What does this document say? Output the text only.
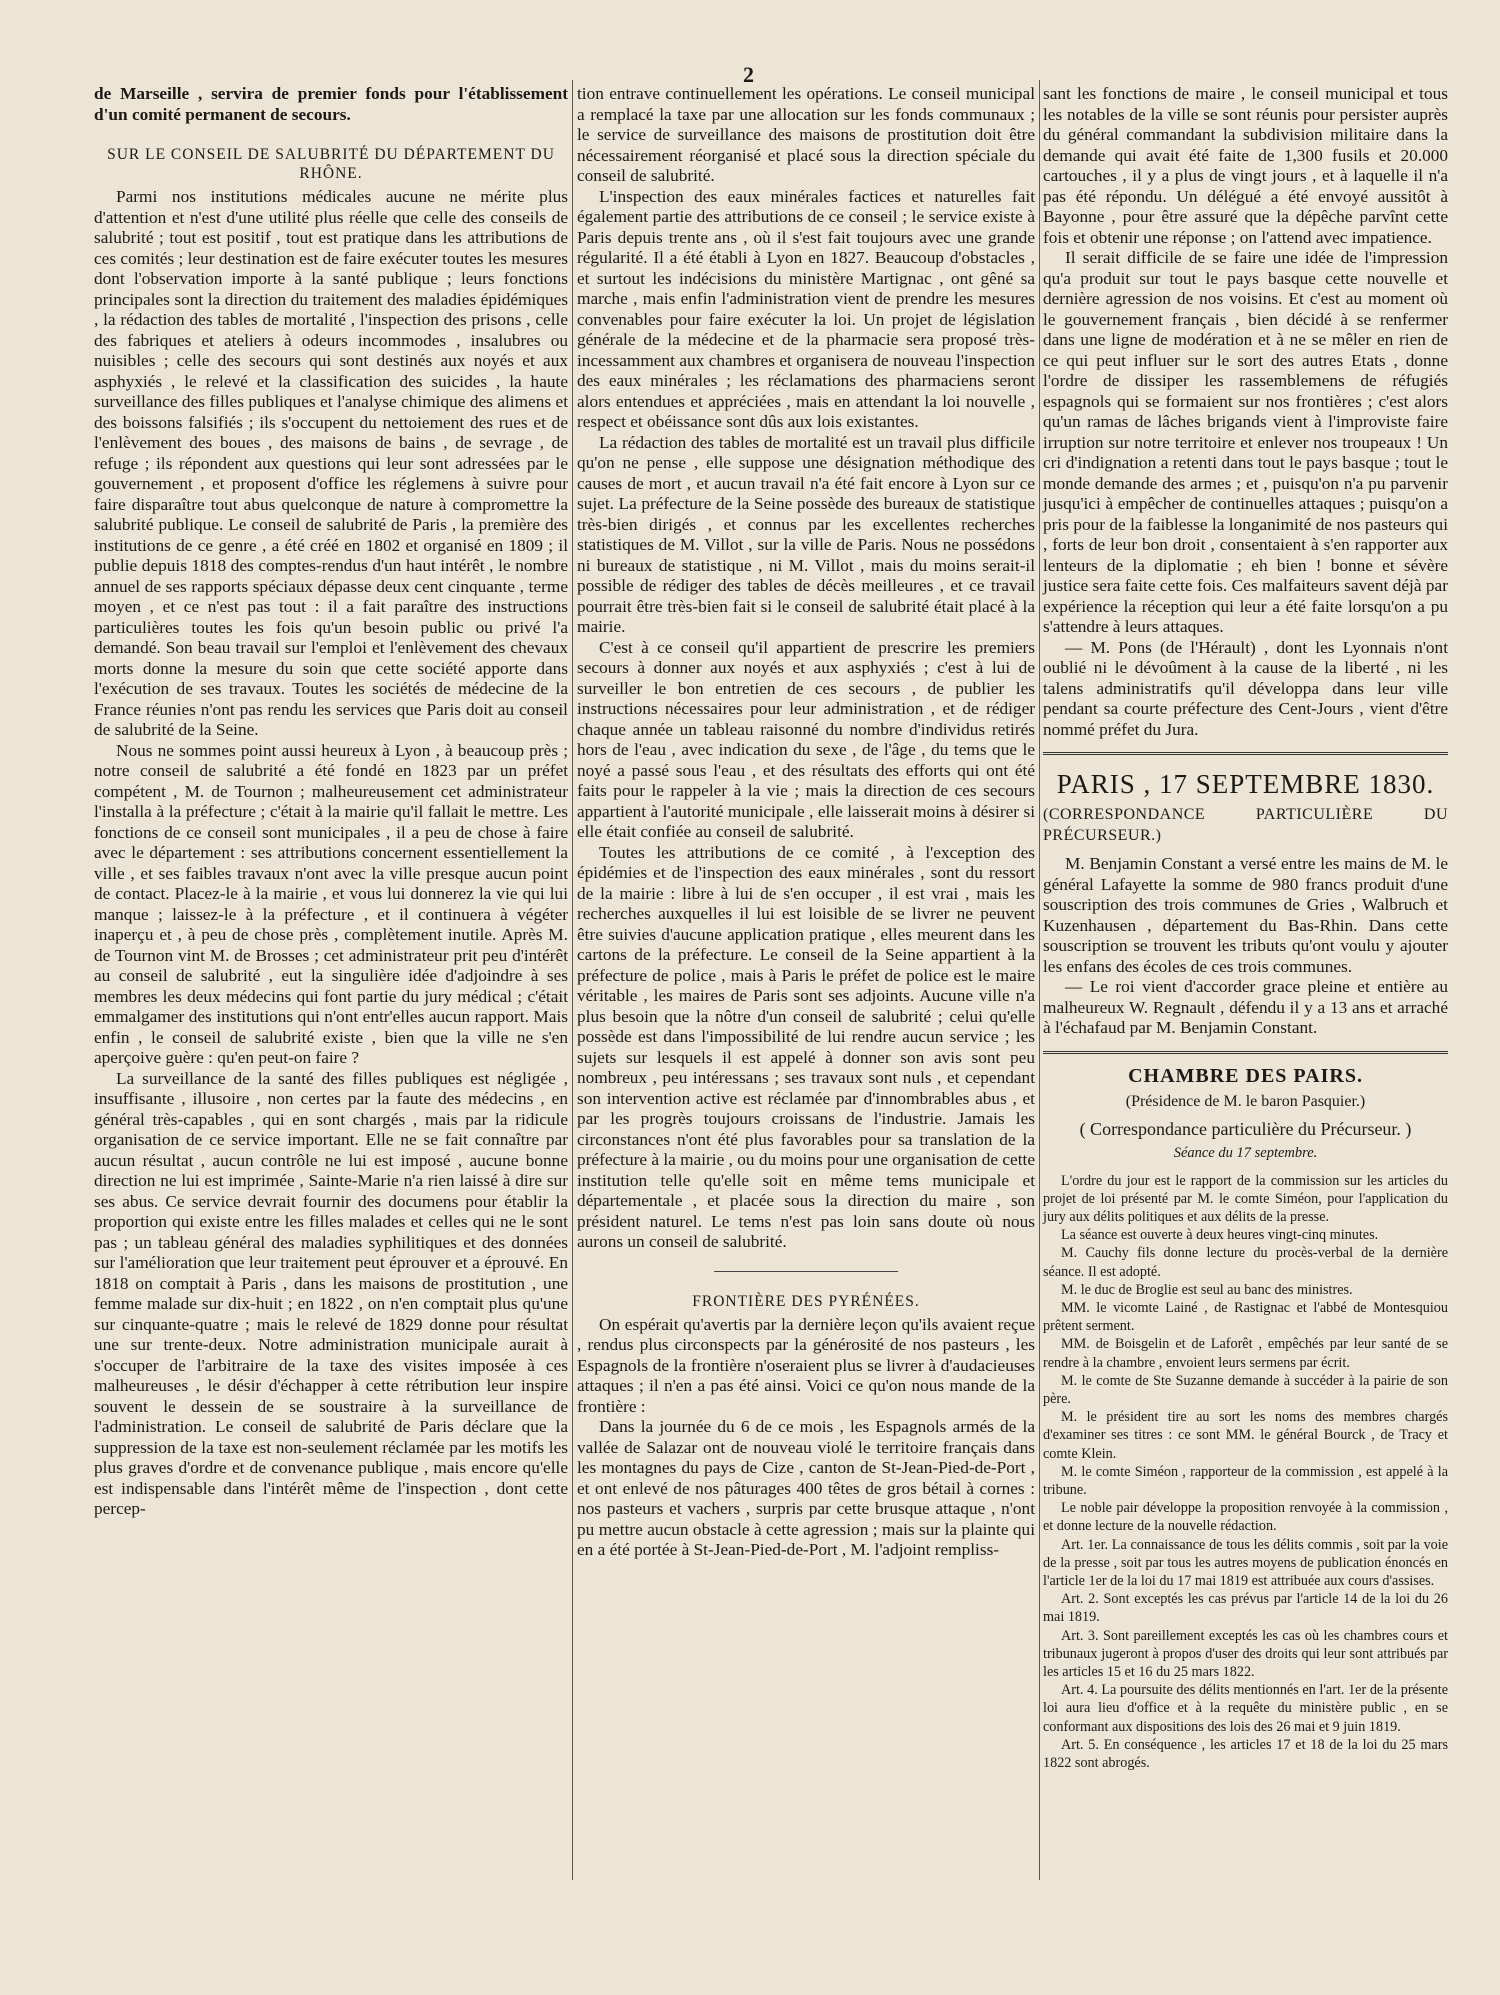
2

de Marseille , servira de premier fonds pour l'établissement d'un comité permanent de secours.

SUR LE CONSEIL DE SALUBRITÉ DU DÉPARTEMENT DU RHÔNE.

Parmi nos institutions médicales aucune ne mérite plus d'attention et n'est d'une utilité plus réelle que celle des conseils de salubrité ; tout est positif , tout est pratique dans les attributions de ces comités ; leur destination est de faire exécuter toutes les mesures dont l'observation importe à la santé publique ; leurs fonctions principales sont la direction du traitement des maladies épidémiques , la rédaction des tables de mortalité , l'inspection des prisons , celle des fabriques et ateliers à odeurs incommodes , insalubres ou nuisibles ; celle des secours qui sont destinés aux noyés et aux asphyxiés , le relevé et la classification des suicides , la haute surveillance des filles publiques et l'analyse chimique des alimens et des boissons falsifiés ; ils s'occupent du nettoiement des rues et de l'enlèvement des boues , des maisons de bains , de sevrage , de refuge ; ils répondent aux questions qui leur sont adressées par le gouvernement , et proposent d'office les réglemens à suivre pour faire disparaître tout abus quelconque de nature à compromettre la salubrité publique. Le conseil de salubrité de Paris , la première des institutions de ce genre , a été créé en 1802 et organisé en 1809 ; il publie depuis 1818 des comptes-rendus d'un haut intérêt , le nombre annuel de ses rapports spéciaux dépasse deux cent cinquante , terme moyen , et ce n'est pas tout : il a fait paraître des instructions particulières toutes les fois qu'un besoin public ou privé l'a demandé. Son beau travail sur l'emploi et l'enlèvement des chevaux morts donne la mesure du soin que cette société apporte dans l'exécution de ses travaux. Toutes les sociétés de médecine de la France réunies n'ont pas rendu les services que Paris doit au conseil de salubrité de la Seine.

Nous ne sommes point aussi heureux à Lyon , à beaucoup près ; notre conseil de salubrité a été fondé en 1823 par un préfet compétent , M. de Tournon ; malheureusement cet administrateur l'installa à la préfecture ; c'était à la mairie qu'il fallait le mettre. Les fonctions de ce conseil sont municipales , il a peu de chose à faire avec le département : ses attributions concernent essentiellement la ville , et ses faibles travaux n'ont avec la ville presque aucun point de contact. Placez-le à la mairie , et vous lui donnerez la vie qui lui manque ; laissez-le à la préfecture , et il continuera à végéter inaperçu et , à peu de chose près , complètement inutile. Après M. de Tournon vint M. de Brosses ; cet administrateur prit peu d'intérêt au conseil de salubrité , eut la singulière idée d'adjoindre à ses membres les deux médecins qui font partie du jury médical ; c'était emmalgamer des institutions qui n'ont entr'elles aucun rapport. Mais enfin , le conseil de salubrité existe , bien que la ville ne s'en aperçoive guère : qu'en peut-on faire ?

La surveillance de la santé des filles publiques est négligée , insuffisante , illusoire , non certes par la faute des médecins , en général très-capables , qui en sont chargés , mais par la ridicule organisation de ce service important. Elle ne se fait connaître par aucun résultat , aucun contrôle ne lui est imposé , aucune bonne direction ne lui est imprimée , Sainte-Marie n'a rien laissé à dire sur ses abus. Ce service devrait fournir des documens pour établir la proportion qui existe entre les filles malades et celles qui ne le sont pas ; un tableau général des maladies syphilitiques et des données sur l'amélioration que leur traitement peut éprouver et a éprouvé. En 1818 on comptait à Paris , dans les maisons de prostitution , une femme malade sur dix-huit ; en 1822 , on n'en comptait plus qu'une sur cinquante-quatre ; mais le relevé de 1829 donne pour résultat une sur trente-deux. Notre administration municipale aurait à s'occuper de l'arbitraire de la taxe des visites imposée à ces malheureuses , le désir d'échapper à cette rétribution leur inspire souvent le dessein de se soustraire à la surveillance de l'administration. Le conseil de salubrité de Paris déclare que la suppression de la taxe est non-seulement réclamée par les motifs les plus graves d'ordre et de convenance publique , mais encore qu'elle est indispensable dans l'intérêt même de l'inspection , dont cette percep-

tion entrave continuellement les opérations. Le conseil municipal a remplacé la taxe par une allocation sur les fonds communaux ; le service de surveillance des maisons de prostitution doit être nécessairement réorganisé et placé sous la direction spéciale du conseil de salubrité.

L'inspection des eaux minérales factices et naturelles fait également partie des attributions de ce conseil ; le service existe à Paris depuis trente ans , où il s'est fait toujours avec une grande régularité. Il a été établi à Lyon en 1827. Beaucoup d'obstacles , et surtout les indécisions du ministère Martignac , ont gêné sa marche , mais enfin l'administration vient de prendre les mesures convenables pour faire exécuter la loi. Un projet de législation générale de la médecine et de la pharmacie sera proposé très-incessamment aux chambres et organisera de nouveau l'inspection des eaux minérales ; les réclamations des pharmaciens seront alors entendues et appréciées , mais en attendant la loi nouvelle , respect et obéissance sont dûs aux lois existantes.

La rédaction des tables de mortalité est un travail plus difficile qu'on ne pense , elle suppose une désignation méthodique des causes de mort , et aucun travail n'a été fait encore à Lyon sur ce sujet. La préfecture de la Seine possède des bureaux de statistique très-bien dirigés , et connus par les excellentes recherches statistiques de M. Villot , sur la ville de Paris. Nous ne possédons ni bureaux de statistique , ni M. Villot , mais du moins serait-il possible de rédiger des tables de décès meilleures , et ce travail pourrait être très-bien fait si le conseil de salubrité était placé à la mairie.

C'est à ce conseil qu'il appartient de prescrire les premiers secours à donner aux noyés et aux asphyxiés ; c'est à lui de surveiller le bon entretien de ces secours , de publier les instructions nécessaires pour leur administration , et de rédiger chaque année un tableau raisonné du nombre d'individus retirés hors de l'eau , avec indication du sexe , de l'âge , du tems que le noyé a passé sous l'eau , et des résultats des efforts qui ont été faits pour le rappeler à la vie ; mais la direction de ces secours appartient à l'autorité municipale , elle laisserait moins à désirer si elle était confiée au conseil de salubrité.

Toutes les attributions de ce comité , à l'exception des épidémies et de l'inspection des eaux minérales , sont du ressort de la mairie : libre à lui de s'en occuper , il est vrai , mais les recherches auxquelles il lui est loisible de se livrer ne peuvent être suivies d'aucune application pratique , elles meurent dans les cartons de la préfecture. Le conseil de la Seine appartient à la préfecture de police , mais à Paris le préfet de police est le maire véritable , les maires de Paris sont ses adjoints. Aucune ville n'a plus besoin que la nôtre d'un conseil de salubrité ; celui qu'elle possède est dans l'impossibilité de lui rendre aucun service ; les sujets sur lesquels il est appelé à donner son avis sont peu nombreux , peu intéressans ; ses travaux sont nuls , et cependant son intervention active est réclamée par d'innombrables abus , et par les progrès toujours croissans de l'industrie. Jamais les circonstances n'ont été plus favorables pour sa translation de la préfecture à la mairie , ou du moins pour une organisation de cette institution telle qu'elle soit en même tems municipale et départementale , et placée sous la direction du maire , son président naturel. Le tems n'est pas loin sans doute où nous aurons un conseil de salubrité.

FRONTIÈRE DES PYRÉNÉES.

On espérait qu'avertis par la dernière leçon qu'ils avaient reçue , rendus plus circonspects par la générosité de nos pasteurs , les Espagnols de la frontière n'oseraient plus se livrer à d'audacieuses attaques ; il n'en a pas été ainsi. Voici ce qu'on nous mande de la frontière :

Dans la journée du 6 de ce mois , les Espagnols armés de la vallée de Salazar ont de nouveau violé le territoire français dans les montagnes du pays de Cize , canton de St-Jean-Pied-de-Port , et ont enlevé de nos pâturages 400 têtes de gros bétail à cornes : nos pasteurs et vachers , surpris par cette brusque attaque , n'ont pu mettre aucun obstacle à cette agression ; mais sur la plainte qui en a été portée à St-Jean-Pied-de-Port , M. l'adjoint rempliss-

sant les fonctions de maire , le conseil municipal et tous les notables de la ville se sont réunis pour persister auprès du général commandant la subdivision militaire dans la demande qui avait été faite de 1,300 fusils et 20.000 cartouches , il y a plus de vingt jours , et à laquelle il n'a pas été répondu. Un délégué a été envoyé aussitôt à Bayonne , pour être assuré que la dépêche parvînt cette fois et obtenir une réponse ; on l'attend avec impatience.

Il serait difficile de se faire une idée de l'impression qu'a produit sur tout le pays basque cette nouvelle et dernière agression de nos voisins. Et c'est au moment où le gouvernement français , bien décidé à se renfermer dans une ligne de modération et à ne se mêler en rien de ce qui peut influer sur le sort des autres Etats , donne l'ordre de dissiper les rassemblemens de réfugiés espagnols qui se formaient sur nos frontières ; c'est alors qu'un ramas de lâches brigands vient à l'improviste faire irruption sur notre territoire et enlever nos troupeaux ! Un cri d'indignation a retenti dans tout le pays basque ; tout le monde demande des armes ; et , puisqu'on n'a pu parvenir jusqu'ici à empêcher de continuelles attaques ; puisqu'on a pris pour de la faiblesse la longanimité de nos pasteurs qui , forts de leur bon droit , consentaient à s'en rapporter aux lenteurs de la diplomatie ; eh bien ! bonne et sévère justice sera faite cette fois. Ces malfaiteurs savent déjà par expérience la réception qui leur a été faite lorsqu'on a pu s'attendre à leurs attaques.

— M. Pons (de l'Hérault) , dont les Lyonnais n'ont oublié ni le dévoûment à la cause de la liberté , ni les talens administratifs qu'il développa dans leur ville pendant sa courte préfecture des Cent-Jours , vient d'être nommé préfet du Jura.

PARIS , 17 SEPTEMBRE 1830.

(CORRESPONDANCE PARTICULIÈRE DU PRÉCURSEUR.)

M. Benjamin Constant a versé entre les mains de M. le général Lafayette la somme de 980 francs produit d'une souscription des trois communes de Gries , Walbruch et Kuzenhausen , département du Bas-Rhin. Dans cette souscription se trouvent les tributs qu'ont voulu y ajouter les enfans des écoles de ces trois communes.

— Le roi vient d'accorder grace pleine et entière au malheureux W. Regnault , défendu il y a 13 ans et arraché à l'échafaud par M. Benjamin Constant.

CHAMBRE DES PAIRS.
(Présidence de M. le baron Pasquier.)
( Correspondance particulière du Précurseur. )
Séance du 17 septembre.

L'ordre du jour est le rapport de la commission sur les articles du projet de loi présenté par M. le comte Siméon, pour l'application du jury aux délits politiques et aux délits de la presse.

La séance est ouverte à deux heures vingt-cinq minutes.

M. Cauchy fils donne lecture du procès-verbal de la dernière séance. Il est adopté.

M. le duc de Broglie est seul au banc des ministres.

MM. le vicomte Lainé , de Rastignac et l'abbé de Montesquiou prêtent serment.

MM. de Boisgelin et de Laforêt , empêchés par leur santé de se rendre à la chambre , envoient leurs sermens par écrit.

M. le comte de Ste Suzanne demande à succéder à la pairie de son père.

M. le président tire au sort les noms des membres chargés d'examiner ses titres : ce sont MM. le général Bourck , de Tracy et comte Klein.

M. le comte Siméon , rapporteur de la commission , est appelé à la tribune.

Le noble pair développe la proposition renvoyée à la commission , et donne lecture de la nouvelle rédaction.

Art. 1er. La connaissance de tous les délits commis , soit par la voie de la presse , soit par tous les autres moyens de publication énoncés en l'article 1er de la loi du 17 mai 1819 est attribuée aux cours d'assises.

Art. 2. Sont exceptés les cas prévus par l'article 14 de la loi du 26 mai 1819.

Art. 3. Sont pareillement exceptés les cas où les chambres cours et tribunaux jugeront à propos d'user des droits qui leur sont attribués par les articles 15 et 16 du 25 mars 1822.

Art. 4. La poursuite des délits mentionnés en l'art. 1er de la présente loi aura lieu d'office et à la requête du ministère public , en se conformant aux dispositions des lois des 26 mai et 9 juin 1819.

Art. 5. En conséquence , les articles 17 et 18 de la loi du 25 mars 1822 sont abrogés.
